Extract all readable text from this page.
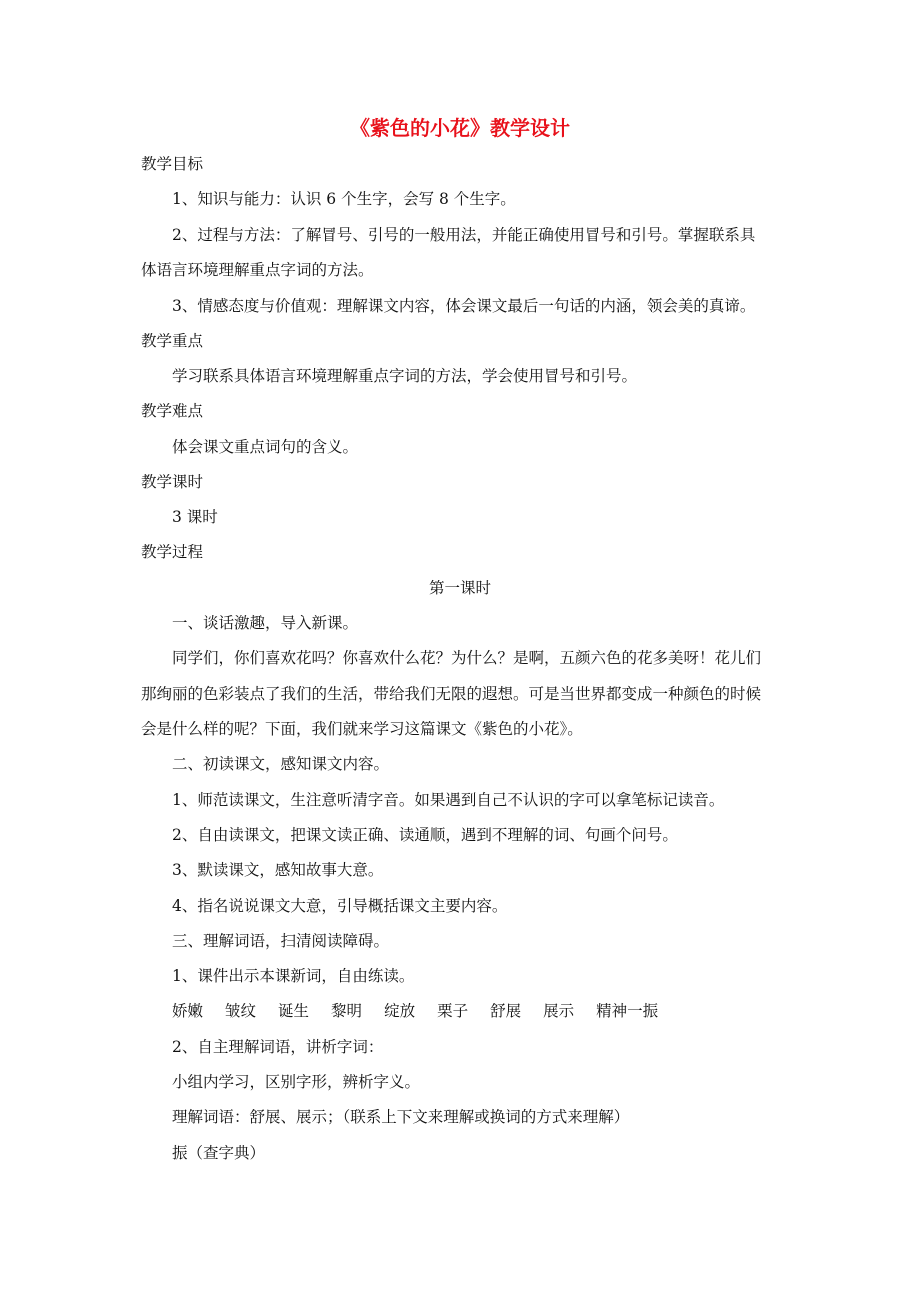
《紫色的小花》教学设计
教学目标
1、知识与能力：认识 6 个生字，会写 8 个生字。
2、过程与方法：了解冒号、引号的一般用法，并能正确使用冒号和引号。掌握联系具
体语言环境理解重点字词的方法。
3、情感态度与价值观：理解课文内容，体会课文最后一句话的内涵，领会美的真谛。
教学重点
学习联系具体语言环境理解重点字词的方法，学会使用冒号和引号。
教学难点
体会课文重点词句的含义。
教学课时
3 课时
教学过程
第一课时
一、谈话激趣，导入新课。
同学们，你们喜欢花吗？你喜欢什么花？为什么？是啊，五颜六色的花多美呀！花儿们
那绚丽的色彩装点了我们的生活，带给我们无限的遐想。可是当世界都变成一种颜色的时候
会是什么样的呢？下面，我们就来学习这篇课文《紫色的小花》。
二、初读课文，感知课文内容。
1、师范读课文，生注意听清字音。如果遇到自己不认识的字可以拿笔标记读音。
2、自由读课文，把课文读正确、读通顺，遇到不理解的词、句画个问号。
3、默读课文，感知故事大意。
4、指名说说课文大意，引导概括课文主要内容。
三、理解词语，扫清阅读障碍。
1、课件出示本课新词，自由练读。
娇嫩 皱纹 诞生 黎明 绽放 栗子 舒展 展示 精神一振
2、自主理解词语，讲析字词：
小组内学习，区别字形，辨析字义。
理解词语：舒展、展示；（联系上下文来理解或换词的方式来理解）
振（查字典）
